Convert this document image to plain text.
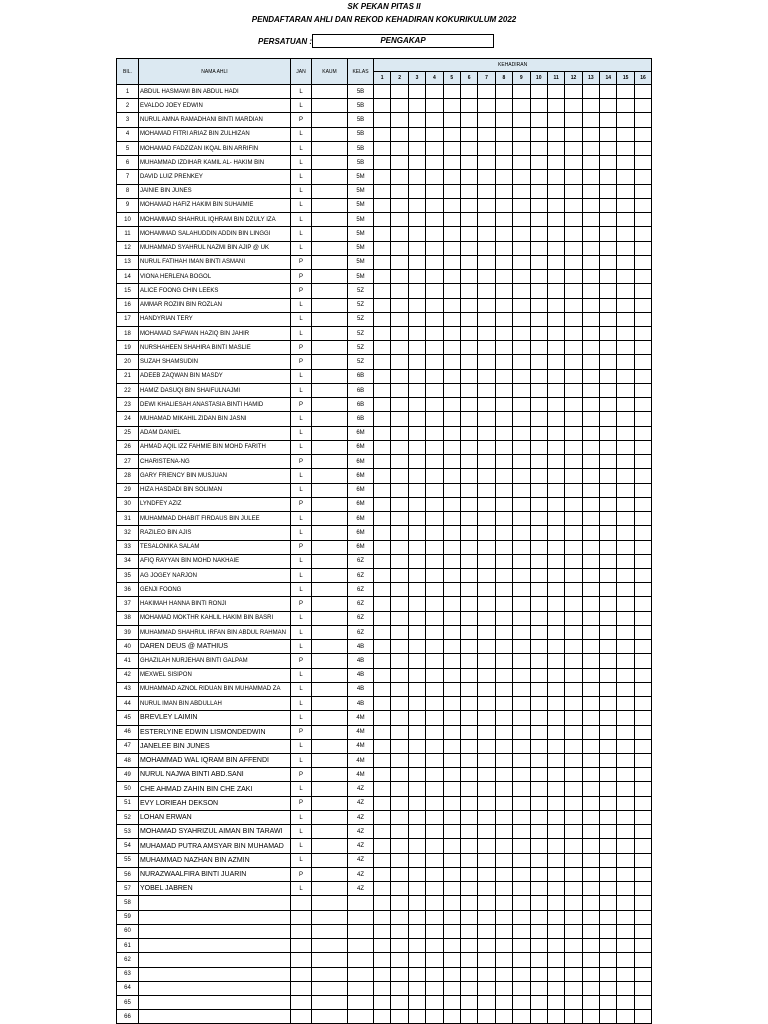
SK PEKAN PITAS II
PENDAFTARAN AHLI DAN REKOD KEHADIRAN KOKURIKULUM 2022
PERSATUAN :	PENGAKAP
BIL.	NAMA AHLI	JAN	KAUM	KELAS	KEHADIRAN															
					1	2	3	4	5	6	7	8	9	10	11	12	13	14	15	16
1	ABDUL HASMAWI BIN ABDUL HADI	L		5B																
2	EVALDO JOEY EDWIN	L		5B																
3	NURUL AMNA RAMADHANI BINTI MARDIAN	P		5B																
4	MOHAMAD FITRI ARIAZ BIN ZULHIZAN	L		5B																
5	MOHAMAD FADZIZAN IKQAL BIN ARRIFIN	L		5B																
6	MUHAMMAD IZDIHAR KAMIL AL- HAKIM BIN	L		5B																
7	DAVID LUIZ PRENKEY	L		5M																
8	JAINIE BIN JUNES	L		5M																
9	MOHAMAD HAFIZ HAKIM BIN SUHAIMIE	L		5M																
10	MOHAMMAD SHAHRUL IQHRAM BIN DZULY IZA	L		5M																
11	MOHAMMAD SALAHUDDIN ADDIN BIN LINGGI	L		5M																
12	MUHAMMAD SYAHRUL NAZMI BIN AJIP @ UK	L		5M																
13	NURUL FATIHAH IMAN BINTI ASMANI	P		5M																
14	VIONA HERLENA BOGOL	P		5M																
15	ALICE FOONG CHIN LEEKS	P		5Z																
16	AMMAR ROZIIN BIN ROZLAN	L		5Z																
17	HANDYRIAN TERY	L		5Z																
18	MOHAMAD SAFWAN HAZIQ BIN JAHIR	L		5Z																
19	NURSHAHEEN SHAHIRA BINTI MASLIE	P		5Z																
20	SUZAH SHAMSUDIN	P		5Z																
21	ADEEB ZAQWAN BIN MASDY	L		6B																
22	HAMIZ DASUQI BIN SHAIFULNAJMI	L		6B																
23	DEWI KHALIESAH ANASTASIA BINTI HAMID	P		6B																
24	MUHAMAD MIKAHIL ZIDAN BIN JASNI	L		6B																
25	ADAM DANIEL	L		6M																
26	AHMAD AQIL IZZ FAHMIE BIN MOHD FARITH	L		6M																
27	CHARISTENA-NG	P		6M																
28	GARY FRIENCY BIN MUSJUAN	L		6M																
29	HIZA HASDADI BIN SOLIMAN	L		6M																
30	LYNDFEY AZIZ	P		6M																
31	MUHAMMAD DHABIT FIRDAUS BIN JULEE	L		6M																
32	RAZILEO BIN AJIS	L		6M																
33	TESALONIKA SALAM	P		6M																
34	AFIQ RAYYAN BIN MOHD NAKHAIE	L		6Z																
35	AG JOGEY NARJON	L		6Z																
36	GENJI FOONG	L		6Z																
37	HAKIMAH HANNA BINTI RONJI	P		6Z																
38	MOHAMAD MOKTHR KAHLIL HAKIM BIN BASRI	L		6Z																
39	MUHAMMAD SHAHRUL IRFAN BIN ABDUL RAHMAN	L		6Z																
40	DAREN DEUS @ MATHIUS	L		4B																
41	GHAZILAH NURJEHAN BINTI GALPAM	P		4B																
42	MEXWEL SISIPON	L		4B																
43	MUHAMMAD AZNOL RIDUAN BIN MUHAMMAD ZA	L		4B																
44	NURUL IMAN BIN ABDULLAH	L		4B																
45	BREVLEY LAIMIN	L		4M																
46	ESTERLYINE EDWIN LISMONDEDWIN	P		4M																
47	JANELEE BIN JUNES	L		4M																
48	MOHAMMAD WAL IQRAM BIN AFFENDI	L		4M																
49	NURUL NAJWA BINTI ABD.SANI	P		4M																
50	CHE AHMAD ZAHIN BIN CHE ZAKI	L		4Z																
51	EVY LORIEAH DEKSON	P		4Z																
52	LOHAN ERWAN	L		4Z																
53	MOHAMAD SYAHRIZUL AIMAN BIN TARAWI	L		4Z																
54	MUHAMAD PUTRA AMSYAR BIN MUHAMAD	L		4Z																
55	MUHAMMAD NAZHAN BIN AZMIN	L		4Z																
56	NURAZWAALFIRA BINTI JUARIN	P		4Z																
57	YOBEL JABREN	L		4Z																
58																				
59																				
60																				
61																				
62																				
63																				
64																				
65																				
66																				
